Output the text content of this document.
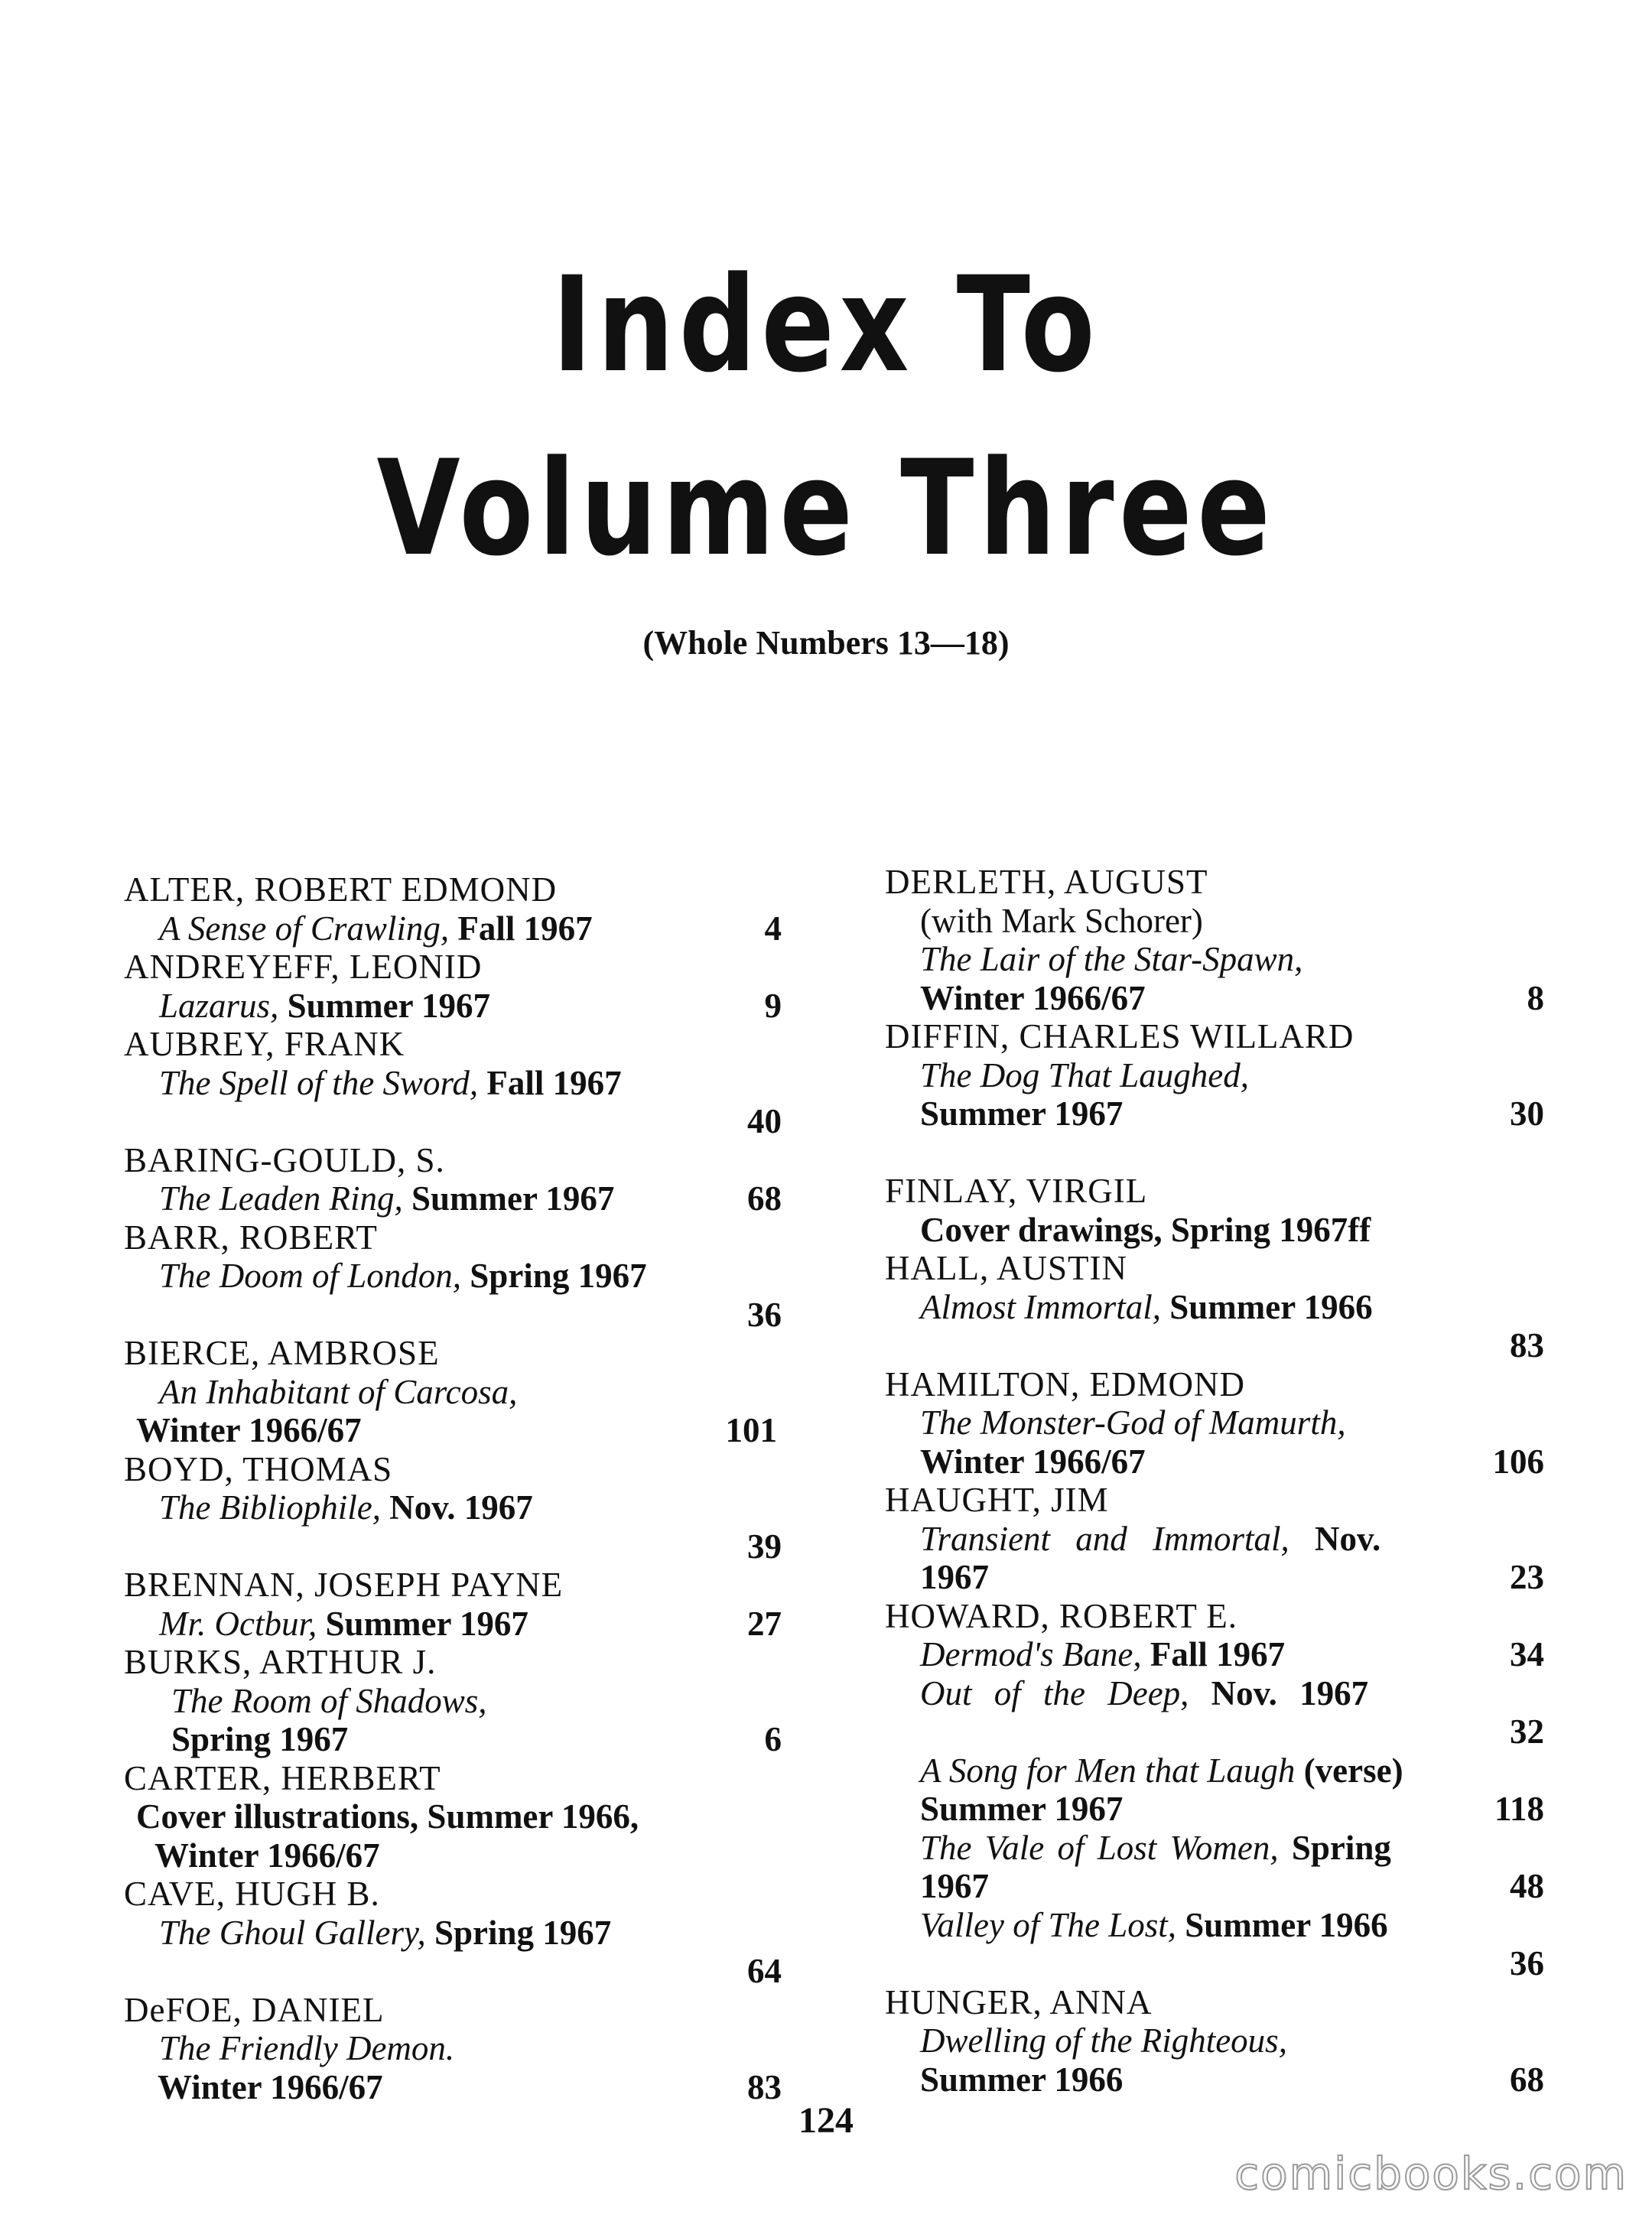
Index To
Volume Three
(Whole Numbers 13—18)
ALTER, ROBERT EDMOND
A Sense of Crawling, Fall 1967	4
ANDREYEFF, LEONID
Lazarus, Summer 1967	9
AUBREY, FRANK
The Spell of the Sword, Fall 1967
40
BARING-GOULD, S.
The Leaden Ring, Summer 1967	68
BARR, ROBERT
The Doom of London, Spring 1967
36
BIERCE, AMBROSE
An Inhabitant of Carcosa,
Winter 1966/67	101
BOYD, THOMAS
The Bibliophile, Nov. 1967
39
BRENNAN, JOSEPH PAYNE
Mr. Octbur, Summer 1967	27
BURKS, ARTHUR J.
The Room of Shadows,
Spring 1967	6
CARTER, HERBERT
Cover illustrations, Summer 1966,
Winter 1966/67
CAVE, HUGH B.
The Ghoul Gallery, Spring 1967
64
DeFOE, DANIEL
The Friendly Demon.
Winter 1966/67	83
DERLETH, AUGUST
(with Mark Schorer)
The Lair of the Star-Spawn,
Winter 1966/67	8
DIFFIN, CHARLES WILLARD
The Dog That Laughed,
Summer 1967	30
FINLAY, VIRGIL
Cover drawings, Spring 1967ff
HALL, AUSTIN
Almost Immortal, Summer 1966
83
HAMILTON, EDMOND
The Monster-God of Mamurth,
Winter 1966/67	106
HAUGHT, JIM
Transient and Immortal, Nov.
1967	23
HOWARD, ROBERT E.
Dermod's Bane, Fall 1967	34
Out of the Deep, Nov. 1967
32
A Song for Men that Laugh (verse)
Summer 1967	118
The Vale of Lost Women, Spring
1967	48
Valley of The Lost, Summer 1966
36
HUNGER, ANNA
Dwelling of the Righteous,
Summer 1966	68
124
comicbooks.com
